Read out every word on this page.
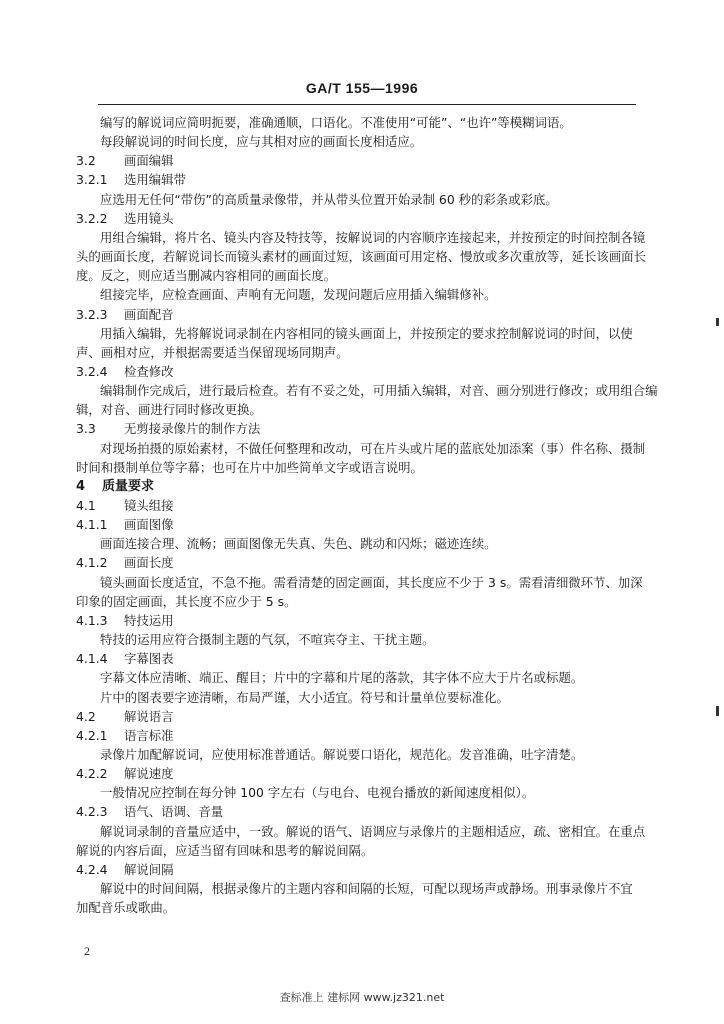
GA/T 155—1996
编写的解说词应简明扼要，准确通顺，口语化。不准使用“可能”、“也许”等模糊词语。
每段解说词的时间长度，应与其相对应的画面长度相适应。
3.2 画面编辑
3.2.1 选用编辑带
应选用无任何“带伤”的高质量录像带，并从带头位置开始录制 60 秒的彩条或彩底。
3.2.2 选用镜头
用组合编辑，将片名、镜头内容及特技等，按解说词的内容顺序连接起来，并按预定的时间控制各镜
头的画面长度，若解说词长而镜头素材的画面过短，该画面可用定格、慢放或多次重放等，延长该画面长
度。反之，则应适当删减内容相同的画面长度。
组接完毕，应检查画面、声响有无问题，发现问题后应用插入编辑修补。
3.2.3 画面配音
用插入编辑，先将解说词录制在内容相同的镜头画面上，并按预定的要求控制解说词的时间，以使
声、画相对应，并根据需要适当保留现场同期声。
3.2.4 检查修改
编辑制作完成后，进行最后检查。若有不妥之处，可用插入编辑，对音、画分别进行修改；或用组合编
辑，对音、画进行同时修改更换。
3.3 无剪接录像片的制作方法
对现场拍摄的原始素材，不做任何整理和改动，可在片头或片尾的蓝底处加添案（事）件名称、摄制
时间和摄制单位等字幕；也可在片中加些简单文字或语言说明。
4 质量要求
4.1 镜头组接
4.1.1 画面图像
画面连接合理、流畅；画面图像无失真、失色、跳动和闪烁；磁迹连续。
4.1.2 画面长度
镜头画面长度适宜，不急不拖。需看清楚的固定画面，其长度应不少于 3 s。需看清细微环节、加深
印象的固定画面，其长度不应少于 5 s。
4.1.3 特技运用
特技的运用应符合摄制主题的气氛，不喧宾夺主、干扰主题。
4.1.4 字幕图表
字幕文体应清晰、端正、醒目；片中的字幕和片尾的落款，其字体不应大于片名或标题。
片中的图表要字迹清晰，布局严谨，大小适宜。符号和计量单位要标准化。
4.2 解说语言
4.2.1 语言标准
录像片加配解说词，应使用标准普通话。解说要口语化，规范化。发音准确，吐字清楚。
4.2.2 解说速度
一般情况应控制在每分钟 100 字左右（与电台、电视台播放的新闻速度相似）。
4.2.3 语气、语调、音量
解说词录制的音量应适中，一致。解说的语气、语调应与录像片的主题相适应，疏、密相宜。在重点
解说的内容后面，应适当留有回味和思考的解说间隔。
4.2.4 解说间隔
解说中的时间间隔，根据录像片的主题内容和间隔的长短，可配以现场声或静场。刑事录像片不宜
加配音乐或歌曲。
2
查标准上 建标网 www.jz321.net
